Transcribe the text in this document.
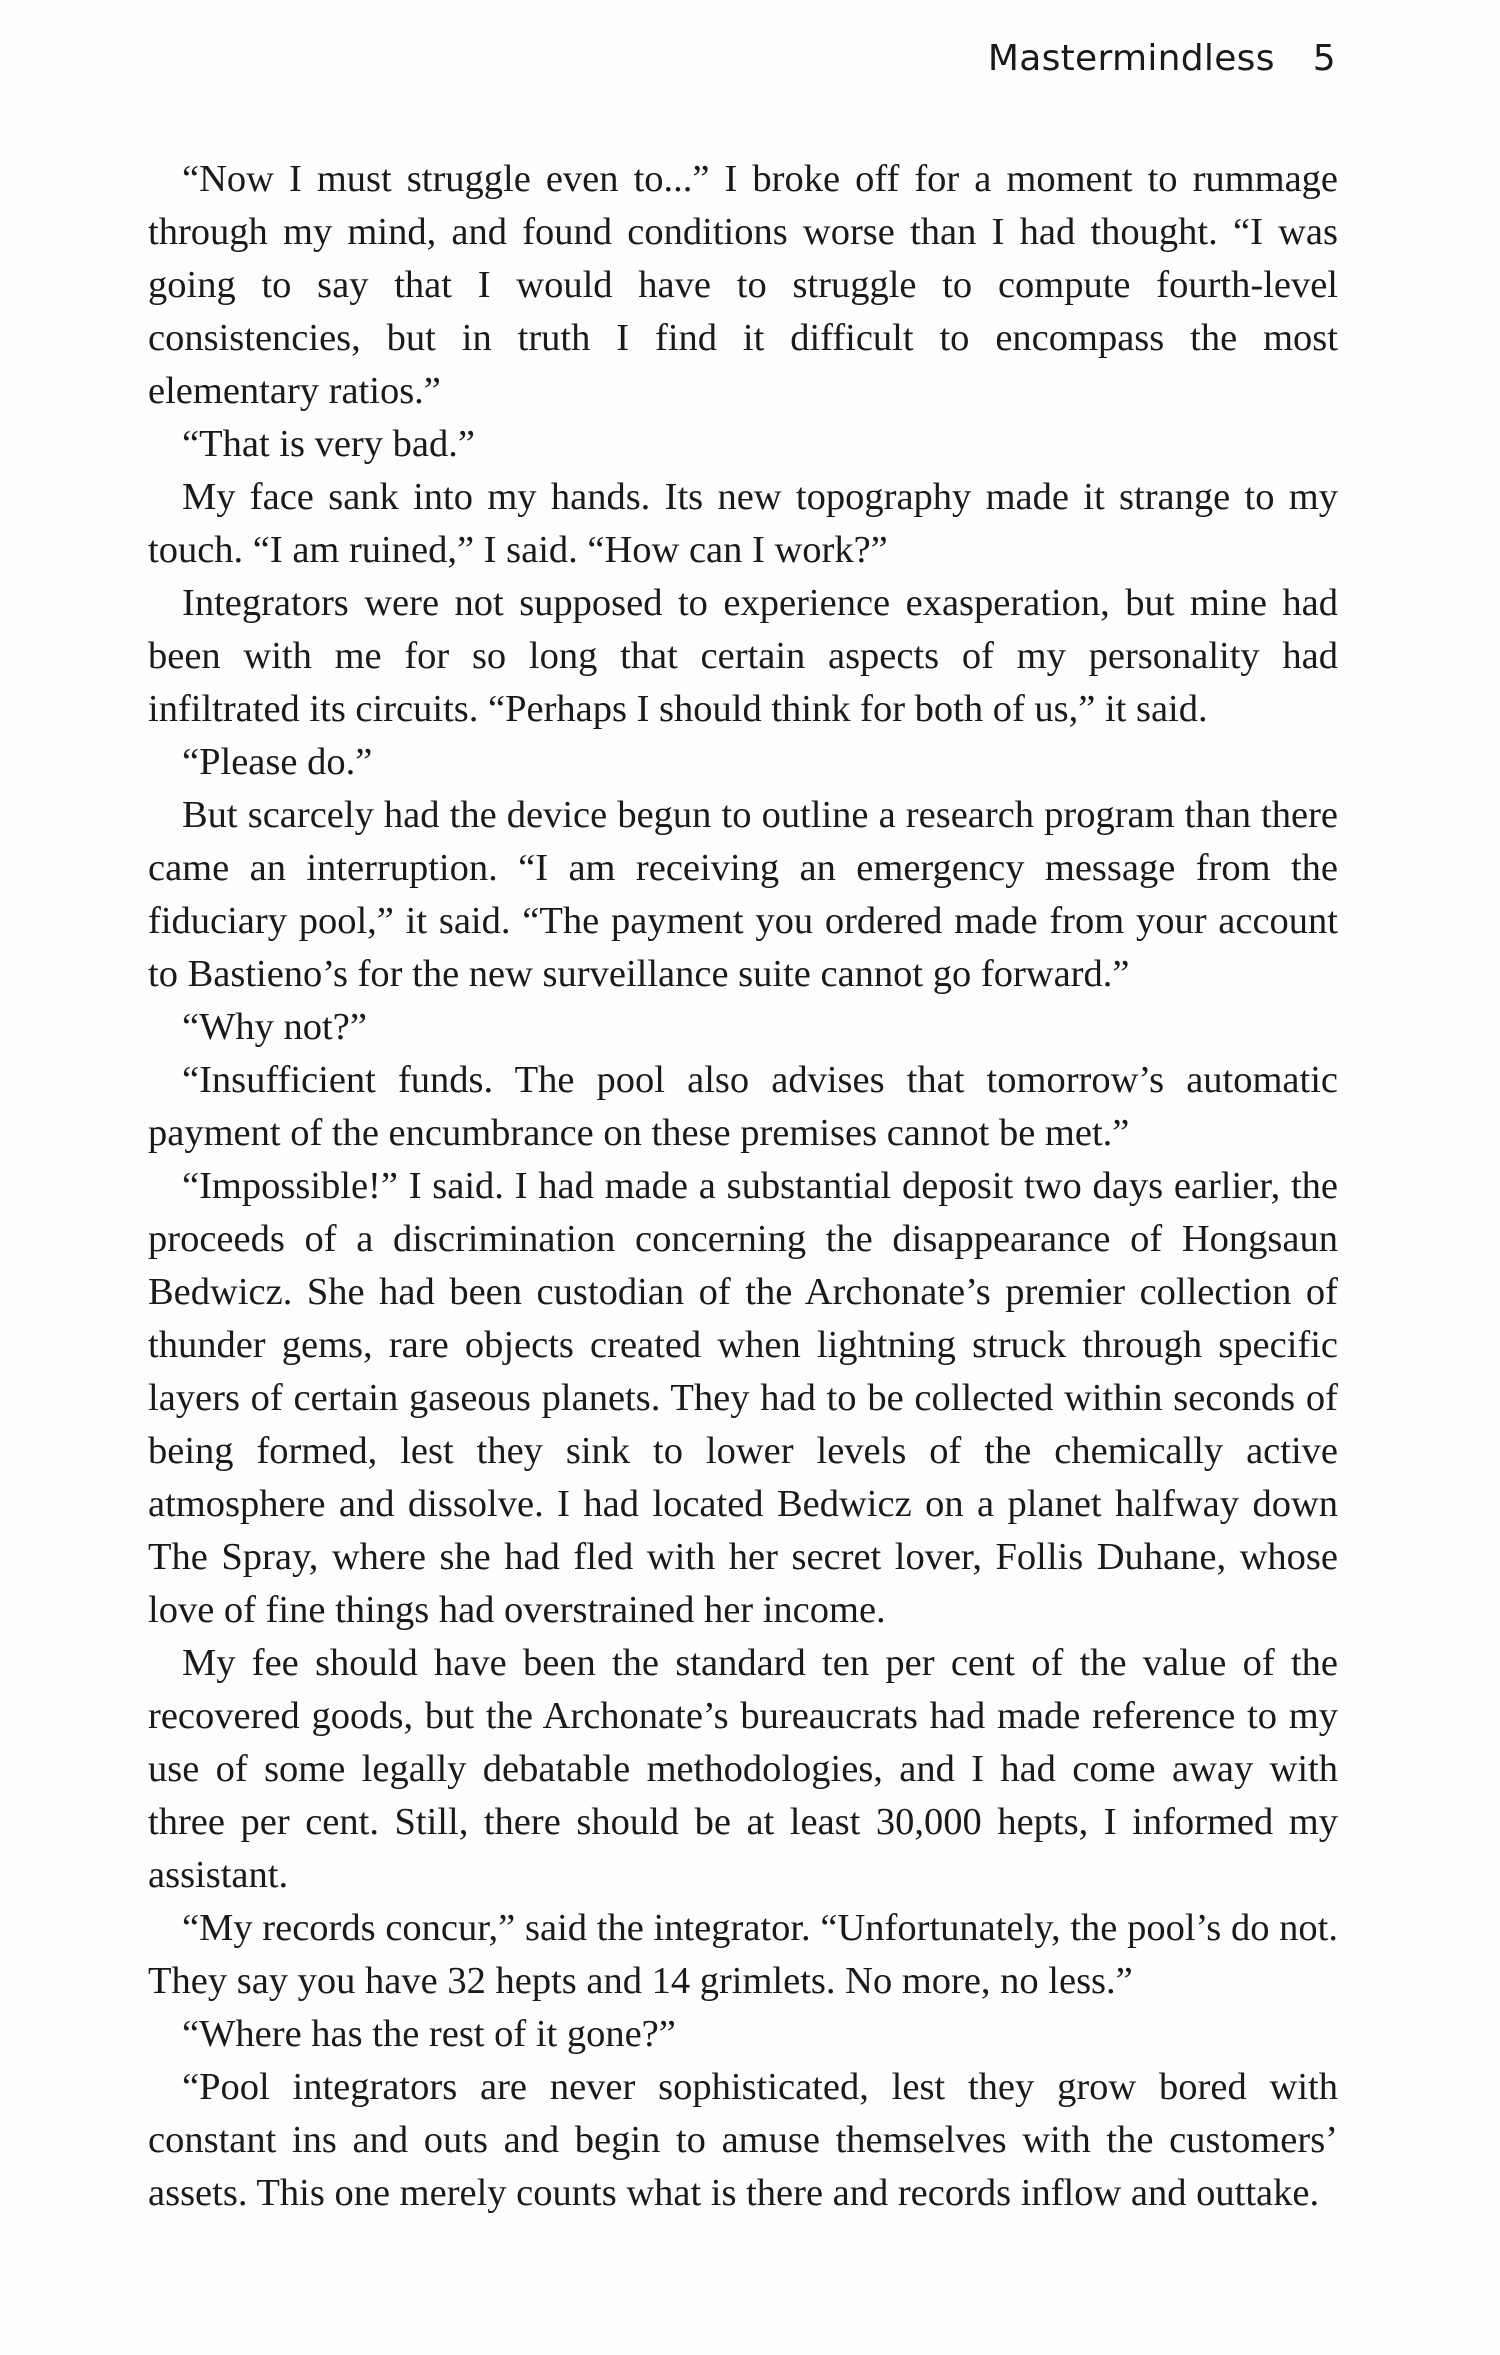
Mastermindless 5

“Now I must struggle even to...” I broke off for a moment to rummage through my mind, and found conditions worse than I had thought. “I was going to say that I would have to struggle to compute fourth-level consistencies, but in truth I find it difficult to encompass the most elementary ratios.”

“That is very bad.”

My face sank into my hands. Its new topography made it strange to my touch. “I am ruined,” I said. “How can I work?”

Integrators were not supposed to experience exasperation, but mine had been with me for so long that certain aspects of my personality had infiltrated its circuits. “Perhaps I should think for both of us,” it said.

“Please do.”

But scarcely had the device begun to outline a research program than there came an interruption. “I am receiving an emergency message from the fiduciary pool,” it said. “The payment you ordered made from your account to Bastieno’s for the new surveillance suite cannot go forward.”

“Why not?”

“Insufficient funds. The pool also advises that tomorrow’s automatic payment of the encumbrance on these premises cannot be met.”

“Impossible!” I said. I had made a substantial deposit two days earlier, the proceeds of a discrimination concerning the disappearance of Hongsaun Bedwicz. She had been custodian of the Archonate’s premier collection of thunder gems, rare objects created when lightning struck through specific layers of certain gaseous planets. They had to be collected within seconds of being formed, lest they sink to lower levels of the chemically active atmosphere and dissolve. I had located Bedwicz on a planet halfway down The Spray, where she had fled with her secret lover, Follis Duhane, whose love of fine things had overstrained her income.

My fee should have been the standard ten per cent of the value of the recovered goods, but the Archonate’s bureaucrats had made reference to my use of some legally debatable methodologies, and I had come away with three per cent. Still, there should be at least 30,000 hepts, I informed my assistant.

“My records concur,” said the integrator. “Unfortunately, the pool’s do not. They say you have 32 hepts and 14 grimlets. No more, no less.”

“Where has the rest of it gone?”

“Pool integrators are never sophisticated, lest they grow bored with constant ins and outs and begin to amuse themselves with the customers’ assets. This one merely counts what is there and records inflow and outtake.
